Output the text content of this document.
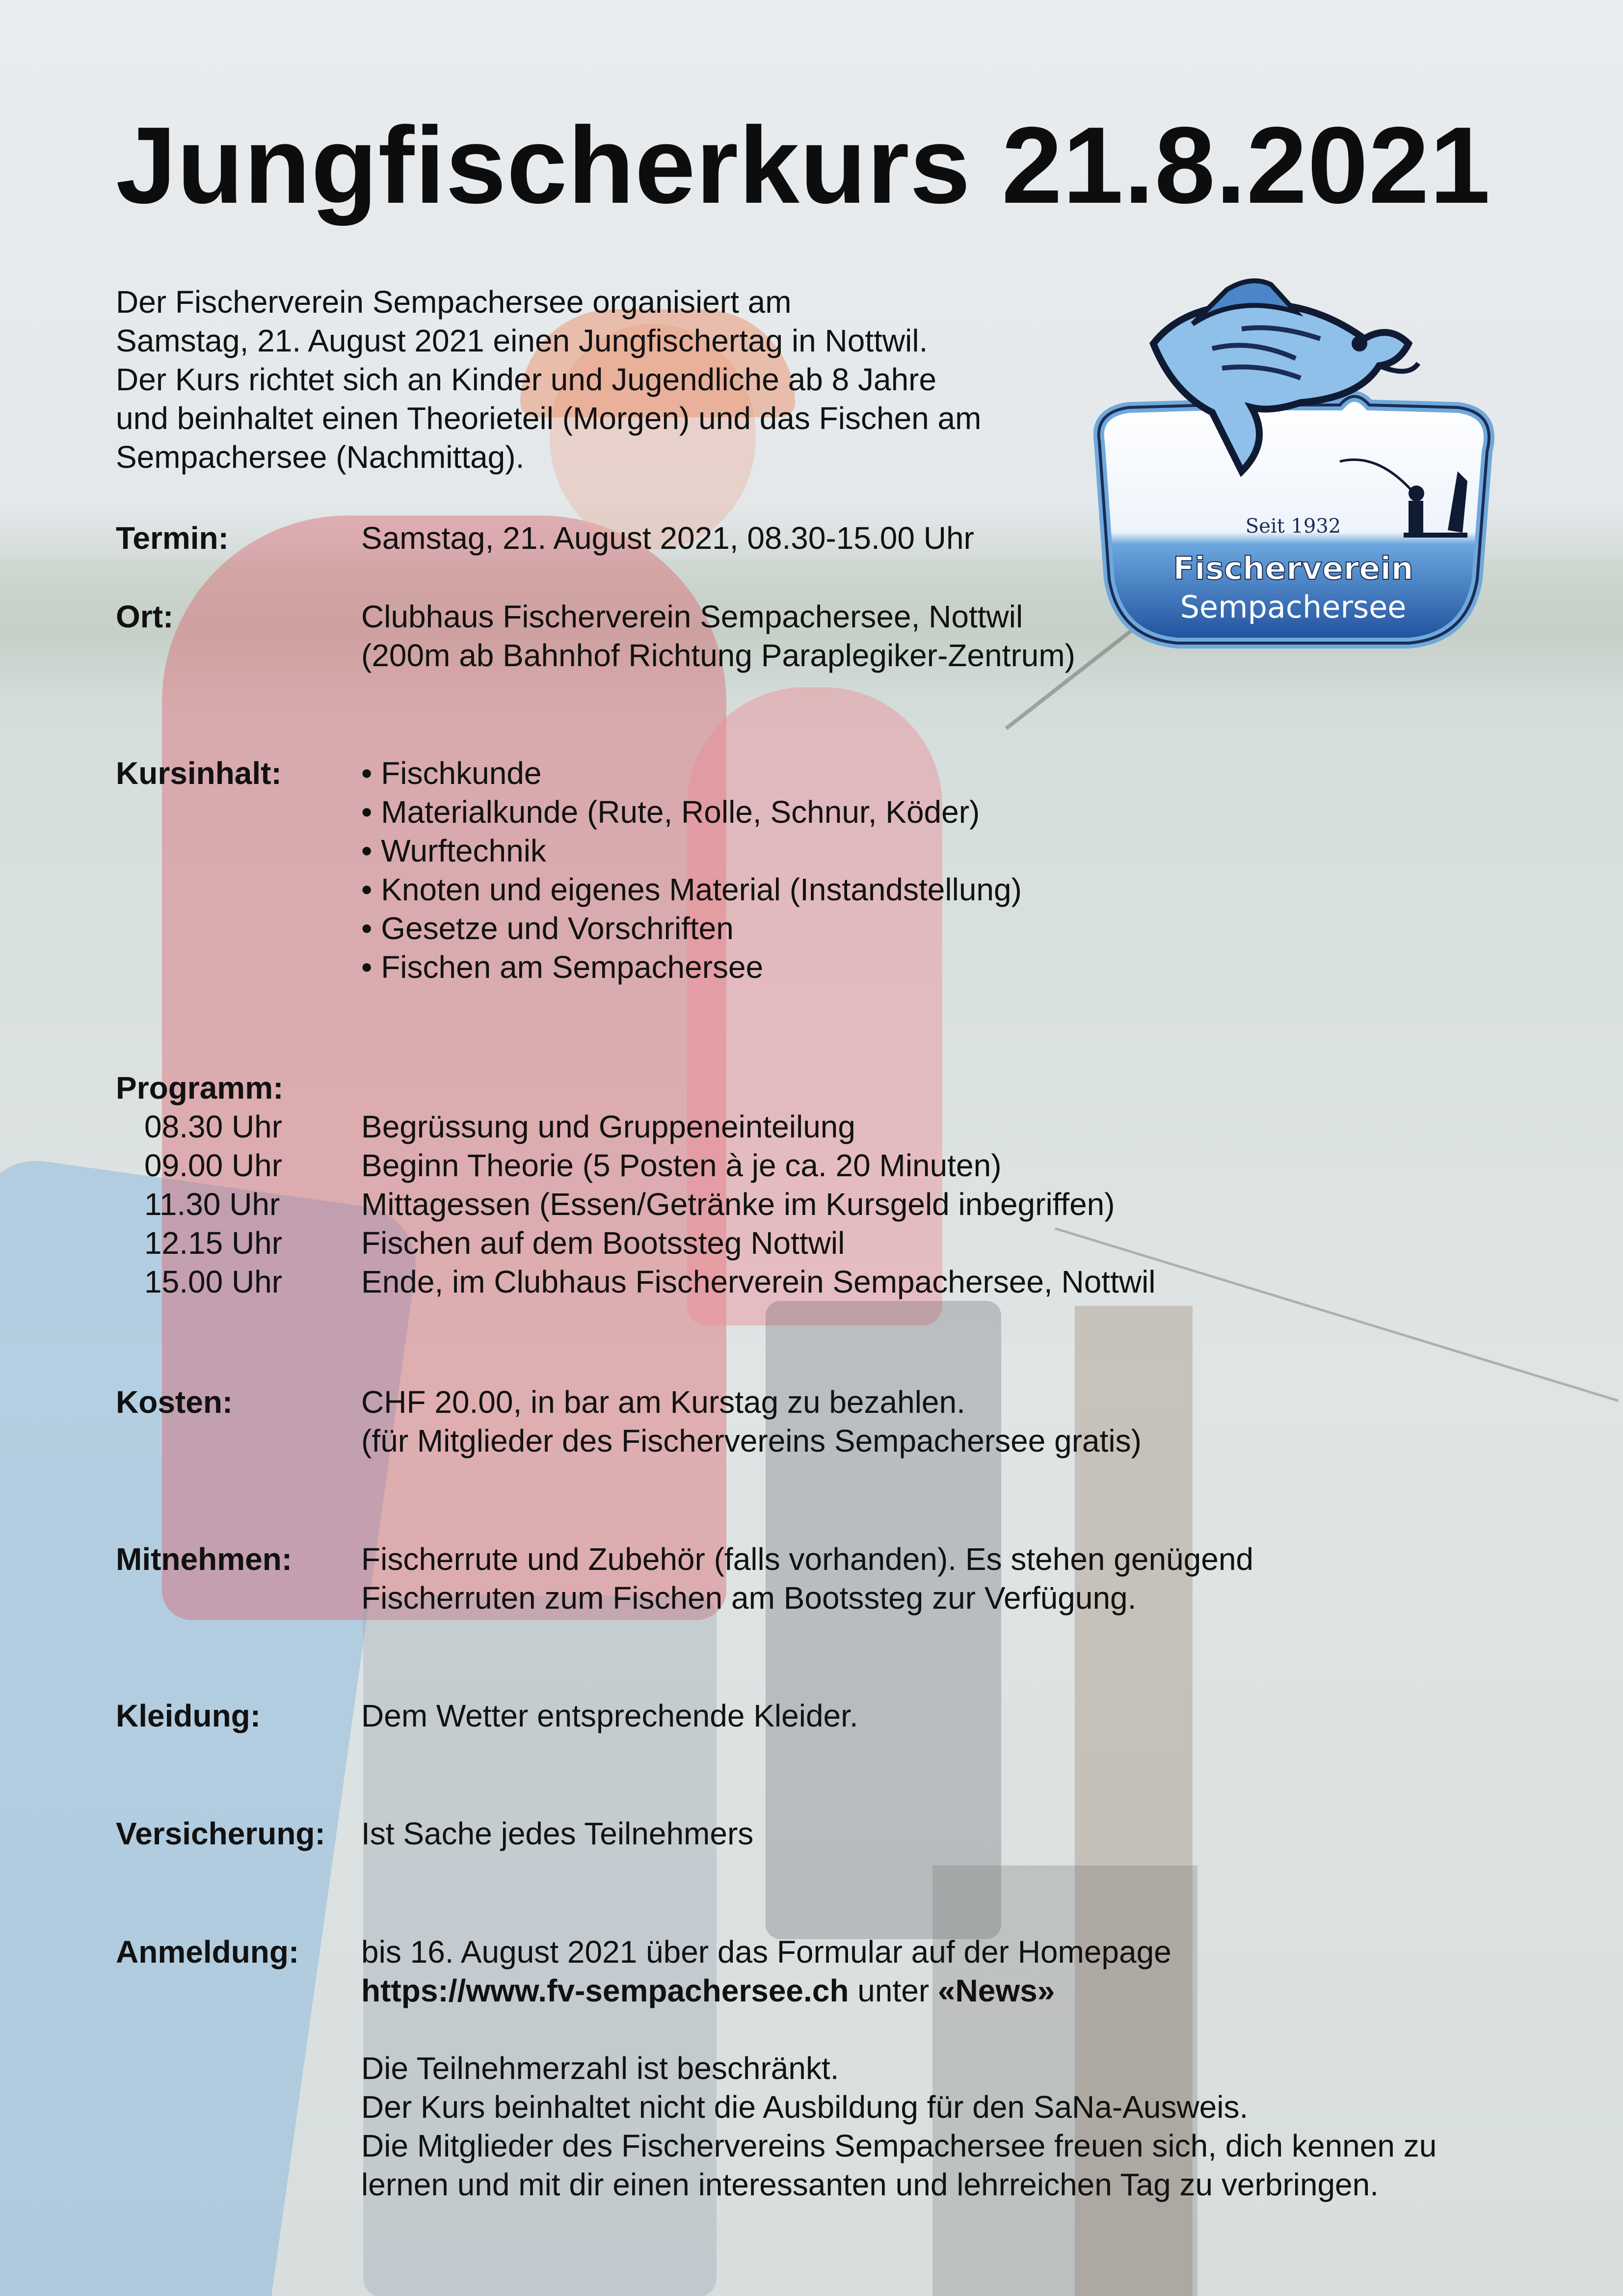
Jungfischerkurs 21.8.2021
Der Fischerverein Sempachersee organisiert am
Samstag, 21. August 2021 einen Jungfischertag in Nottwil.
Der Kurs richtet sich an Kinder und Jugendliche ab 8 Jahre
und beinhaltet einen Theorieteil (Morgen) und das Fischen am
Sempachersee (Nachmittag).
Seit 1932
Fischerverein
Sempachersee
Termin:	Samstag, 21. August 2021, 08.30-15.00 Uhr
Ort:	Clubhaus Fischerverein Sempachersee, Nottwil
(200m ab Bahnhof Richtung Paraplegiker-Zentrum)
Kursinhalt:	• Fischkunde
• Materialkunde (Rute, Rolle, Schnur, Köder)
• Wurftechnik
• Knoten und eigenes Material (Instandstellung)
• Gesetze und Vorschriften
• Fischen am Sempachersee
Programm:
08.30 Uhr	Begrüssung und Gruppeneinteilung
09.00 Uhr	Beginn Theorie (5 Posten à je ca. 20 Minuten)
11.30 Uhr	Mittagessen (Essen/Getränke im Kursgeld inbegriffen)
12.15 Uhr	Fischen auf dem Bootssteg Nottwil
15.00 Uhr	Ende, im Clubhaus Fischerverein Sempachersee, Nottwil
Kosten:	CHF 20.00, in bar am Kurstag zu bezahlen.
(für Mitglieder des Fischervereins Sempachersee gratis)
Mitnehmen: Fischerrute und Zubehör (falls vorhanden). Es stehen genügend
Fischerruten zum Fischen am Bootssteg zur Verfügung.
Kleidung:	Dem Wetter entsprechende Kleider.
Versicherung: Ist Sache jedes Teilnehmers
Anmeldung: bis 16. August 2021 über das Formular auf der Homepage
https://www.fv-sempachersee.ch unter «News»
Die Teilnehmerzahl ist beschränkt.
Der Kurs beinhaltet nicht die Ausbildung für den SaNa-Ausweis.
Die Mitglieder des Fischervereins Sempachersee freuen sich, dich kennen zu
lernen und mit dir einen interessanten und lehrreichen Tag zu verbringen.
